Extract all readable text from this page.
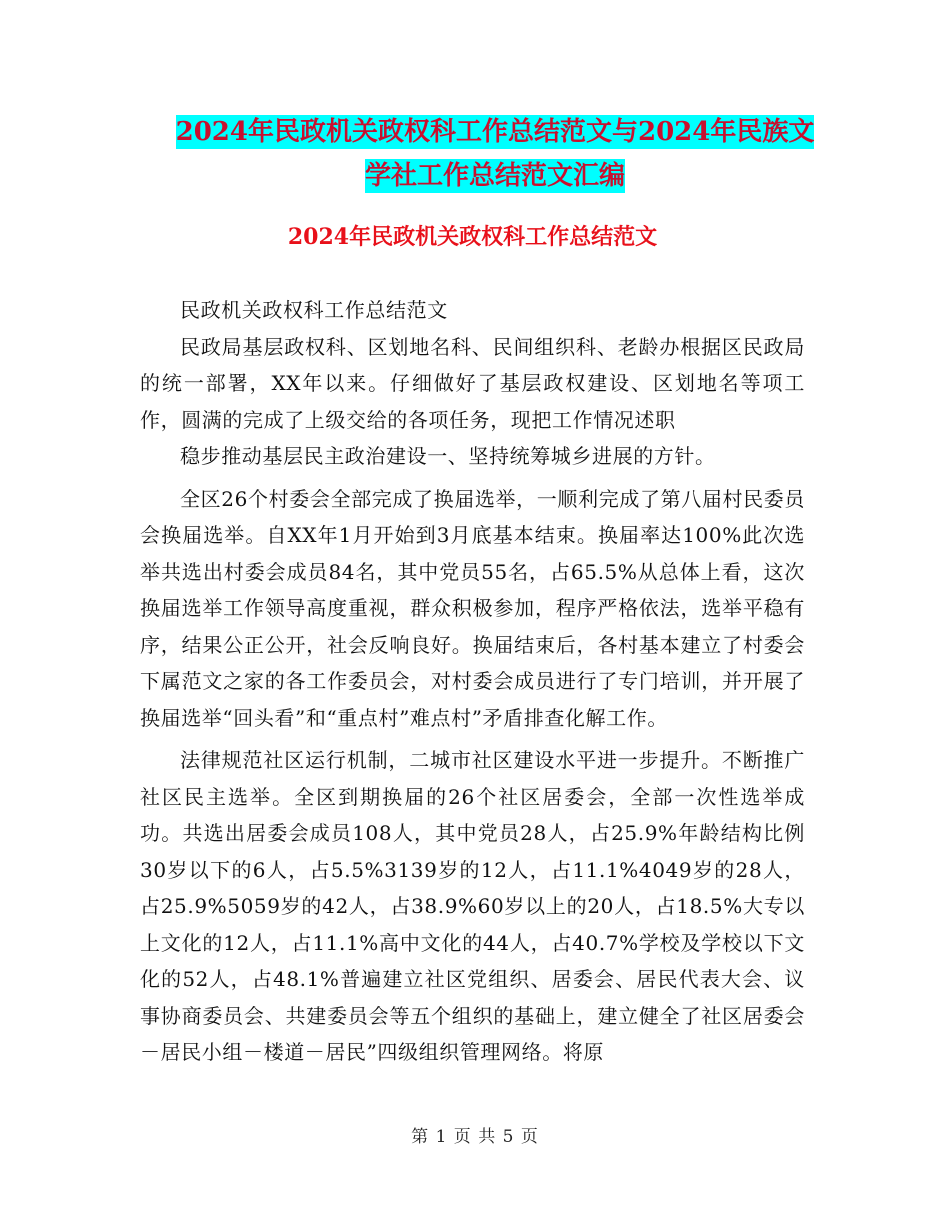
2024年民政机关政权科工作总结范文与2024年民族文
学社工作总结范文汇编
2024年民政机关政权科工作总结范文

民政机关政权科工作总结范文

民政局基层政权科、区划地名科、民间组织科、老龄办根据区民政局的统一部署，XX年以来。仔细做好了基层政权建设、区划地名等项工作，圆满的完成了上级交给的各项任务，现把工作情况述职

稳步推动基层民主政治建设一、坚持统筹城乡进展的方针。

全区26个村委会全部完成了换届选举，一顺利完成了第八届村民委员会换届选举。自XX年1月开始到3月底基本结束。换届率达100%此次选举共选出村委会成员84名，其中党员55名，占65.5%从总体上看，这次换届选举工作领导高度重视，群众积极参加，程序严格依法，选举平稳有序，结果公正公开，社会反响良好。换届结束后，各村基本建立了村委会下属范文之家的各工作委员会，对村委会成员进行了专门培训，并开展了换届选举“回头看”和“重点村”难点村”矛盾排查化解工作。

法律规范社区运行机制，二城市社区建设水平进一步提升。不断推广社区民主选举。全区到期换届的26个社区居委会，全部一次性选举成功。共选出居委会成员108人，其中党员28人，占25.9%年龄结构比例30岁以下的6人，占5.5%3139岁的12人，占11.1%4049岁的28人，占25.9%5059岁的42人，占38.9%60岁以上的20人，占18.5%大专以上文化的12人，占11.1%高中文化的44人，占40.7%学校及学校以下文化的52人，占48.1%普遍建立社区党组织、居委会、居民代表大会、议事协商委员会、共建委员会等五个组织的基础上，建立健全了社区居委会－居民小组－楼道－居民”四级组织管理网络。将原

第 1 页 共 5 页
